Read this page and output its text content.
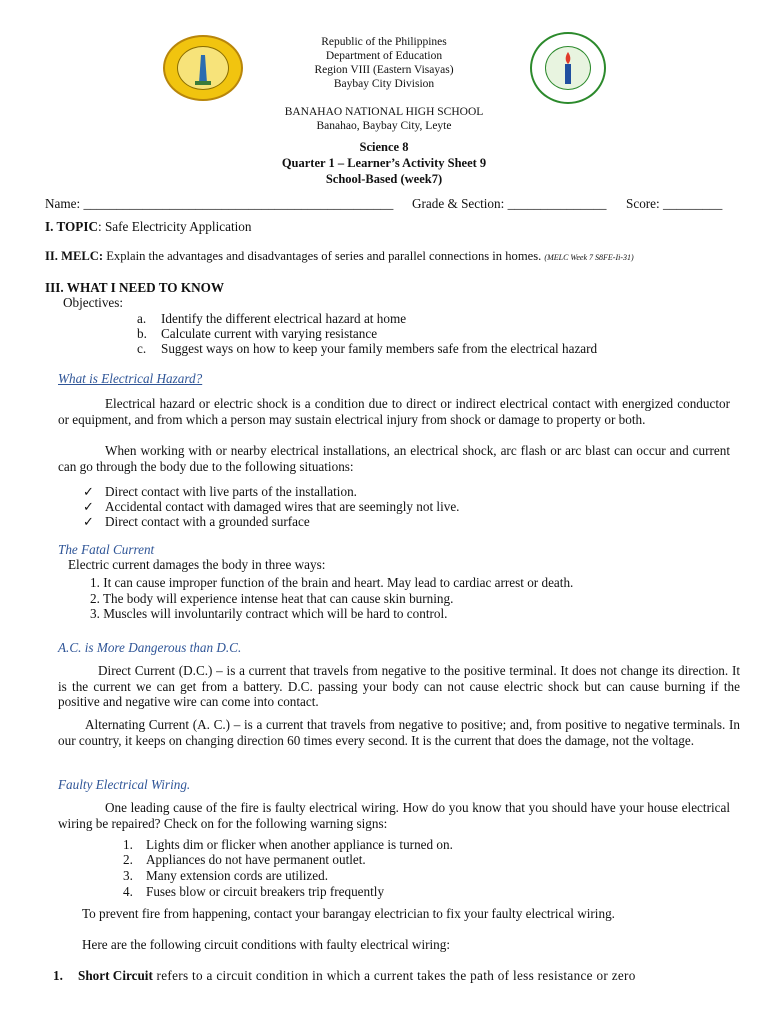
Republic of the Philippines
Department of Education
Region VIII (Eastern Visayas)
Baybay City Division
BANAHAO NATIONAL HIGH SCHOOL
Banahao, Baybay City, Leyte
Science 8
Quarter 1 – Learner’s Activity Sheet 9
School-Based (week7)
Name: _______________________________________________ Grade & Section: _______________ Score: _________
I. TOPIC: Safe Electricity Application
II. MELC: Explain the advantages and disadvantages of series and parallel connections in homes. (MELC Week 7 S8FE-Ii-31)
III. WHAT I NEED TO KNOW
Objectives:
a. Identify the different electrical hazard at home
b. Calculate current with varying resistance
c. Suggest ways on how to keep your family members safe from the electrical hazard
What is Electrical Hazard?
Electrical hazard or electric shock is a condition due to direct or indirect electrical contact with energized conductor or equipment, and from which a person may sustain electrical injury from shock or damage to property or both.
When working with or nearby electrical installations, an electrical shock, arc flash or arc blast can occur and current can go through the body due to the following situations:
✓ Direct contact with live parts of the installation.
✓ Accidental contact with damaged wires that are seemingly not live.
✓ Direct contact with a grounded surface
The Fatal Current
Electric current damages the body in three ways:
1. It can cause improper function of the brain and heart. May lead to cardiac arrest or death.
2. The body will experience intense heat that can cause skin burning.
3. Muscles will involuntarily contract which will be hard to control.
A.C. is More Dangerous than D.C.
Direct Current (D.C.) – is a current that travels from negative to the positive terminal. It does not change its direction. It is the current we can get from a battery. D.C. passing your body can not cause electric shock but can cause burning if the positive and negative wire can come into contact.
Alternating Current (A. C.) – is a current that travels from negative to positive; and, from positive to negative terminals. In our country, it keeps on changing direction 60 times every second. It is the current that does the damage, not the voltage.
Faulty Electrical Wiring.
One leading cause of the fire is faulty electrical wiring. How do you know that you should have your house electrical wiring be repaired? Check on for the following warning signs:
1. Lights dim or flicker when another appliance is turned on.
2. Appliances do not have permanent outlet.
3. Many extension cords are utilized.
4. Fuses blow or circuit breakers trip frequently
To prevent fire from happening, contact your barangay electrician to fix your faulty electrical wiring.
Here are the following circuit conditions with faulty electrical wiring:
1. Short Circuit refers to a circuit condition in which a current takes the path of less resistance or zero
